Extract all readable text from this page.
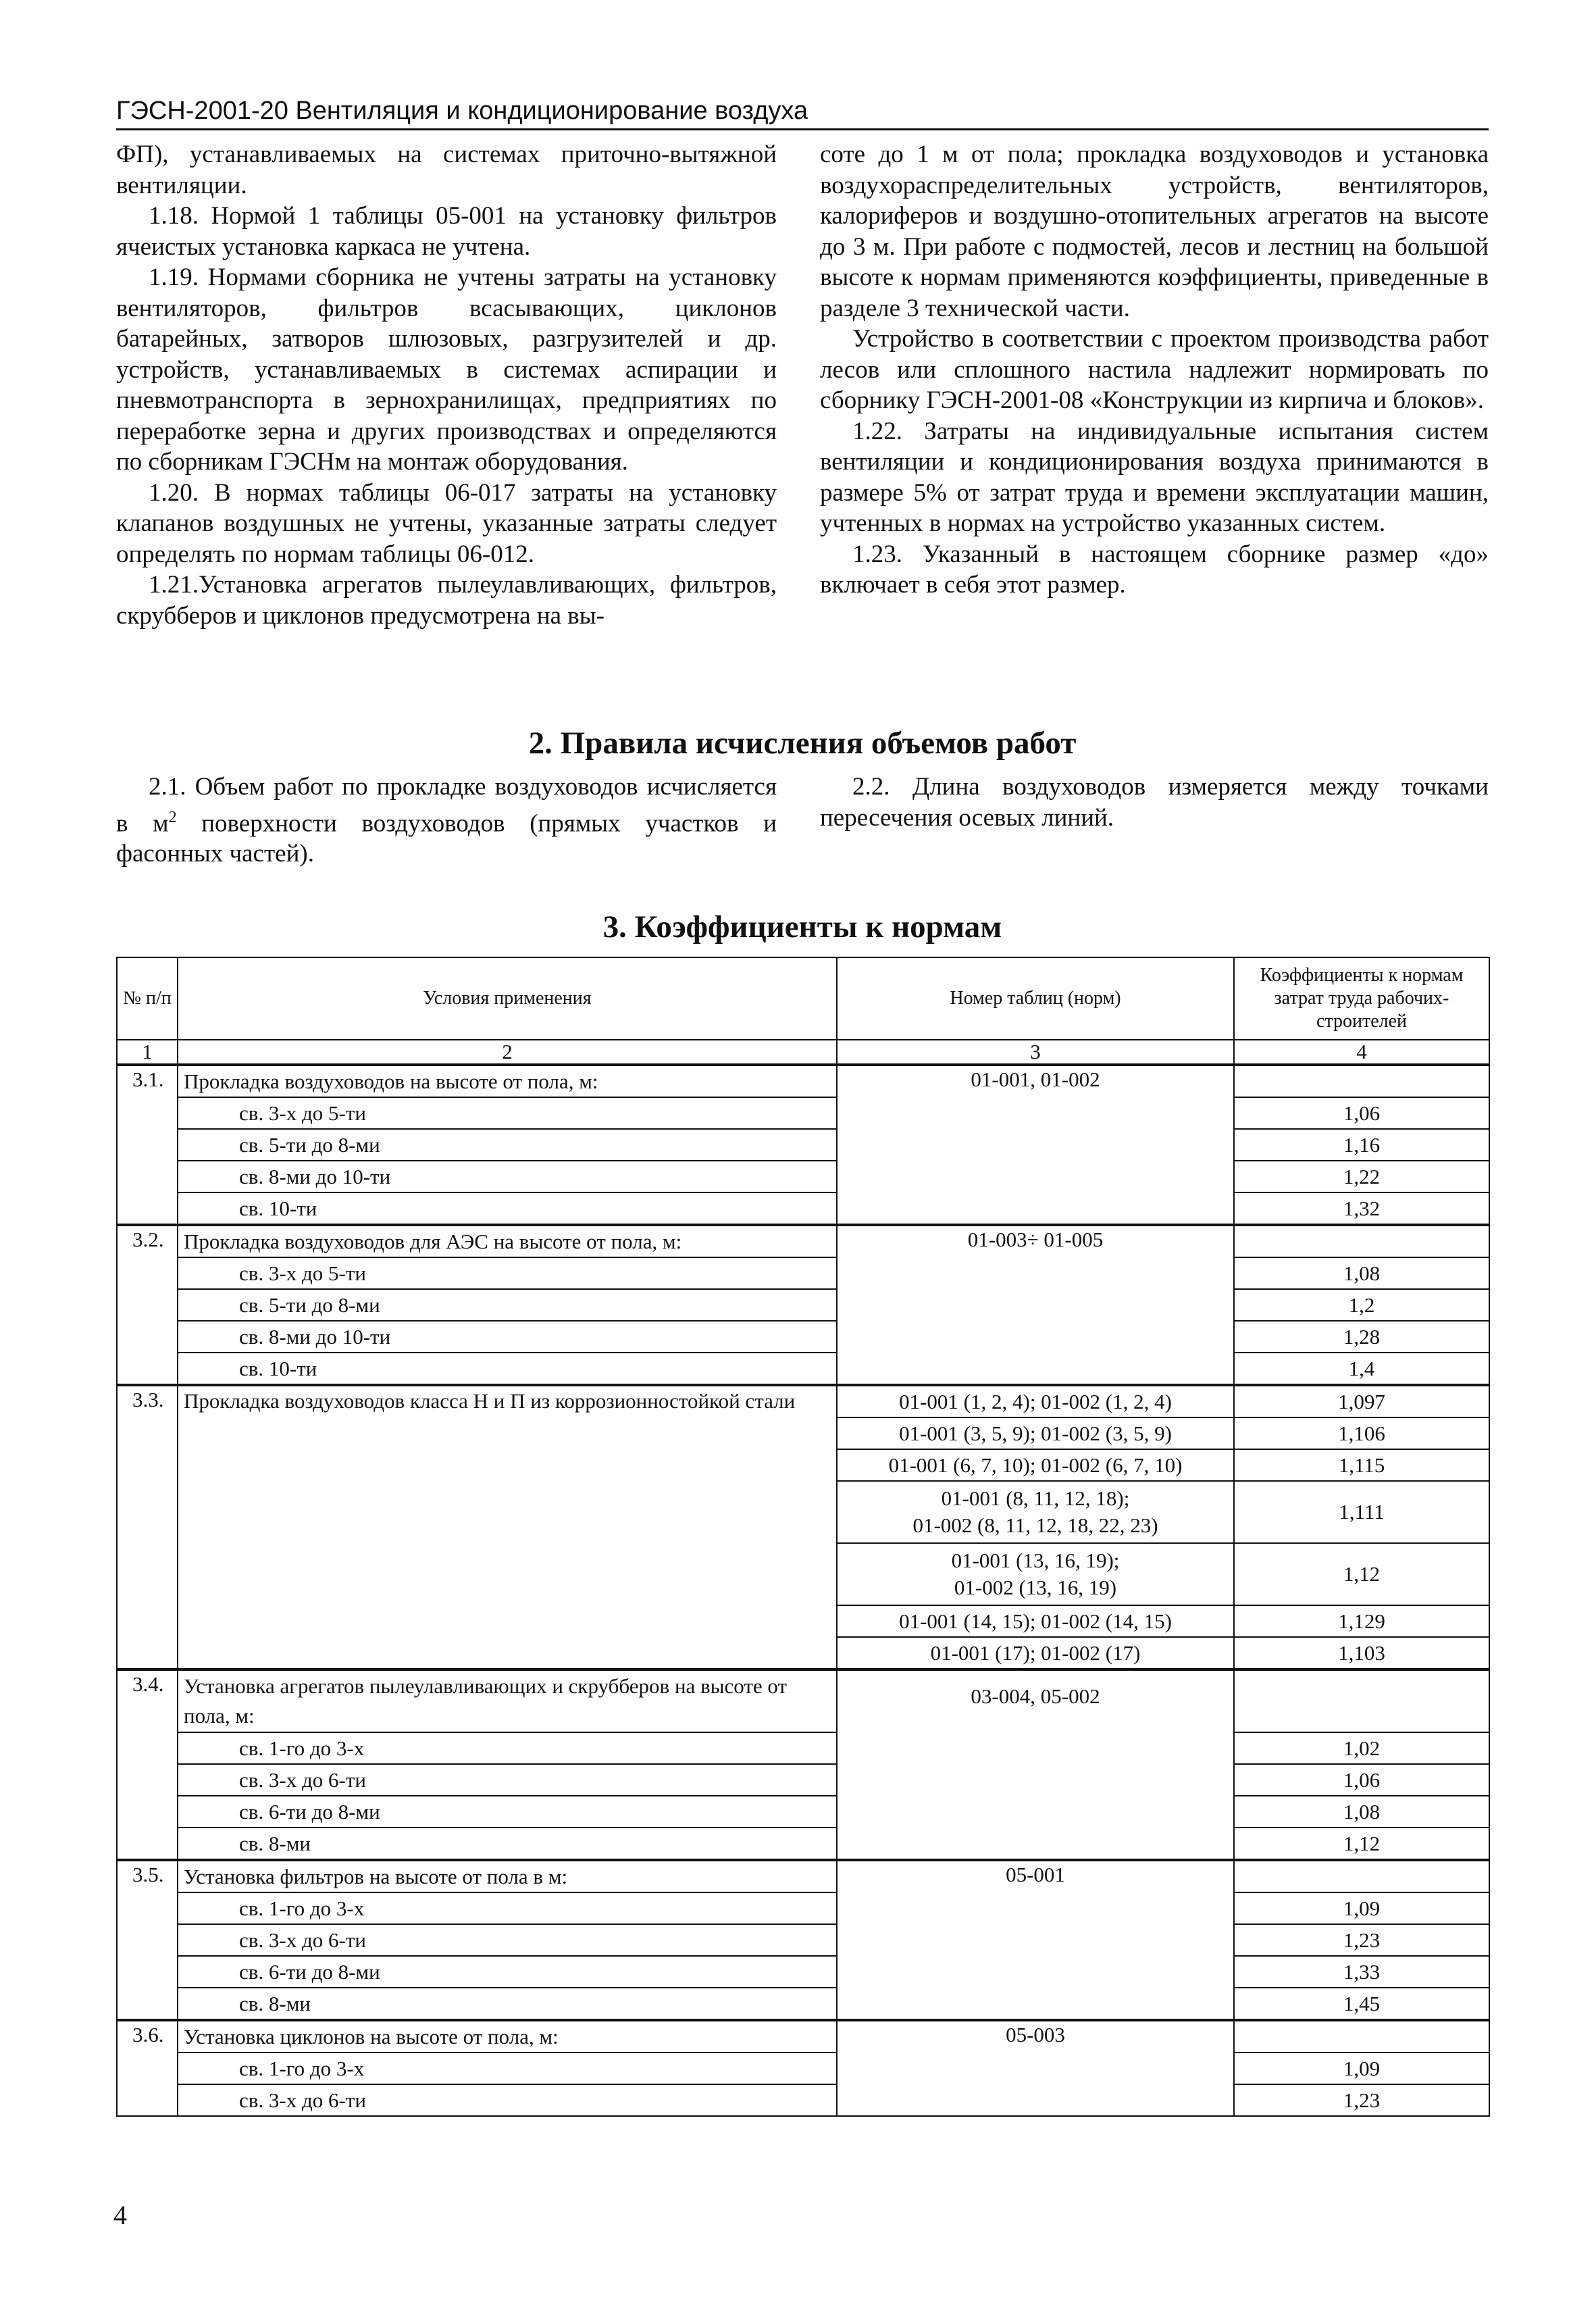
ГЭСН-2001-20 Вентиляция и кондиционирование воздуха

ФП), устанавливаемых на системах приточно-вытяжной вентиляции.

1.18. Нормой 1 таблицы 05-001 на установку фильтров ячеистых установка каркаса не учтена.

1.19. Нормами сборника не учтены затраты на установку вентиляторов, фильтров всасывающих, циклонов батарейных, затворов шлюзовых, разгрузителей и др. устройств, устанавливаемых в системах аспирации и пневмотранспорта в зернохранилищах, предприятиях по переработке зерна и других производствах и определяются по сборникам ГЭСНм на монтаж оборудования.

1.20. В нормах таблицы 06-017 затраты на установку клапанов воздушных не учтены, указанные затраты следует определять по нормам таблицы 06-012.

1.21.Установка агрегатов пылеулавливающих, фильтров, скрубберов и циклонов предусмотрена на вы-

соте до 1 м от пола; прокладка воздуховодов и установка воздухораспределительных устройств, вентиляторов, калориферов и воздушно-отопительных агрегатов на высоте до 3 м. При работе с подмостей, лесов и лестниц на большой высоте к нормам применяются коэффициенты, приведенные в разделе 3 технической части.

Устройство в соответствии с проектом производства работ лесов или сплошного настила надлежит нормировать по сборнику ГЭСН-2001-08 «Конструкции из кирпича и блоков».

1.22. Затраты на индивидуальные испытания систем вентиляции и кондиционирования воздуха принимаются в размере 5% от затрат труда и времени эксплуатации машин, учтенных в нормах на устройство указанных систем.

1.23. Указанный в настоящем сборнике размер «до» включает в себя этот размер.

2. Правила исчисления объемов работ

2.1. Объем работ по прокладке воздуховодов исчисляется в $м^2$ поверхности воздуховодов (прямых участков и фасонных частей).

2.2. Длина воздуховодов измеряется между точками пересечения осевых линий.

3. Коэффициенты к нормам
№ п/п	Условия применения	Номер таблиц (норм)	Коэффициенты к нормам затрат труда рабочих-строителей
1	2	3	4
3.1.	Прокладка воздуховодов на высоте от пола, м:	01-001, 01-002	
	св. 3-х до 5-ти		1,06
	св. 5-ти до 8-ми		1,16
	св. 8-ми до 10-ти		1,22
	св. 10-ти		1,32
3.2.	Прокладка воздуховодов для АЭС на высоте от пола, м:	01-003÷ 01-005	
	св. 3-х до 5-ти		1,08
	св. 5-ти до 8-ми		1,2
	св. 8-ми до 10-ти		1,28
	св. 10-ти		1,4
3.3.	Прокладка воздуховодов класса Н и П из коррозионностойкой стали	01-001 (1, 2, 4); 01-002 (1, 2, 4)	1,097
		01-001 (3, 5, 9); 01-002 (3, 5, 9)	1,106
		01-001 (6, 7, 10); 01-002 (6, 7, 10)	1,115

		01-001 (8, 11, 12, 18);
01-002 (8, 11, 12, 18, 22, 23)	1,111

		01-001 (13, 16, 19);
01-002 (13, 16, 19)	1,12
		01-001 (14, 15); 01-002 (14, 15)	1,129
		01-001 (17); 01-002 (17)	1,103
3.4.	Установка агрегатов пылеулавливающих и скрубберов на высоте от пола, м:	03-004, 05-002	
	св. 1-го до 3-х		1,02
	св. 3-х до 6-ти		1,06
	св. 6-ти до 8-ми		1,08
	св. 8-ми		1,12
3.5.	Установка фильтров на высоте от пола в м:	05-001	
	св. 1-го до 3-х		1,09
	св. 3-х до 6-ти		1,23
	св. 6-ти до 8-ми		1,33
	св. 8-ми		1,45
3.6.	Установка циклонов на высоте от пола, м:	05-003	
	св. 1-го до 3-х		1,09
	св. 3-х до 6-ти		1,23
4
